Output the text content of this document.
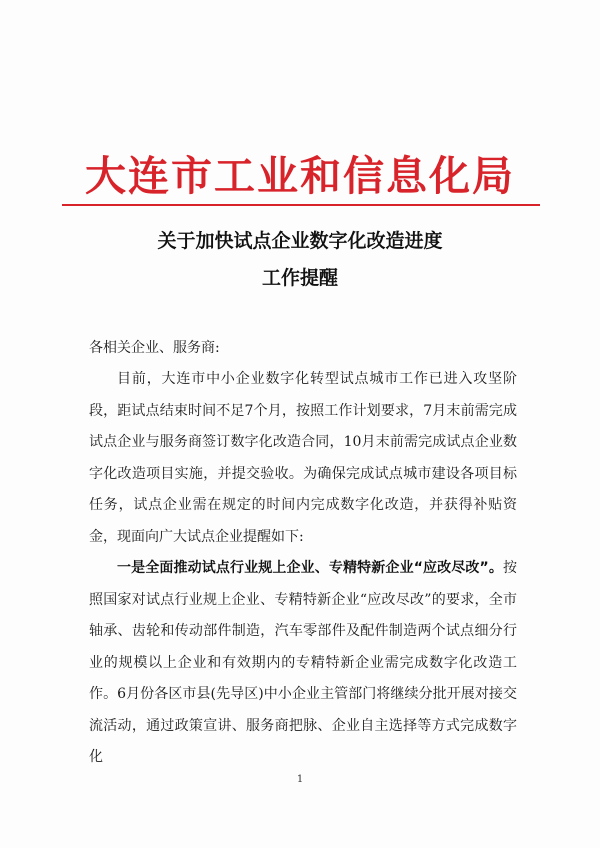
大连市工业和信息化局
关于加快试点企业数字化改造进度
工作提醒
各相关企业、服务商:
目前，大连市中小企业数字化转型试点城市工作已进入攻坚阶段，距试点结束时间不足7个月，按照工作计划要求，7月末前需完成试点企业与服务商签订数字化改造合同，10月末前需完成试点企业数字化改造项目实施，并提交验收。为确保完成试点城市建设各项目标任务，试点企业需在规定的时间内完成数字化改造，并获得补贴资金，现面向广大试点企业提醒如下:
一是全面推动试点行业规上企业、专精特新企业“应改尽改”。按照国家对试点行业规上企业、专精特新企业“应改尽改”的要求，全市轴承、齿轮和传动部件制造，汽车零部件及配件制造两个试点细分行业的规模以上企业和有效期内的专精特新企业需完成数字化改造工作。6月份各区市县(先导区)中小企业主管部门将继续分批开展对接交流活动，通过政策宣讲、服务商把脉、企业自主选择等方式完成数字化
1
